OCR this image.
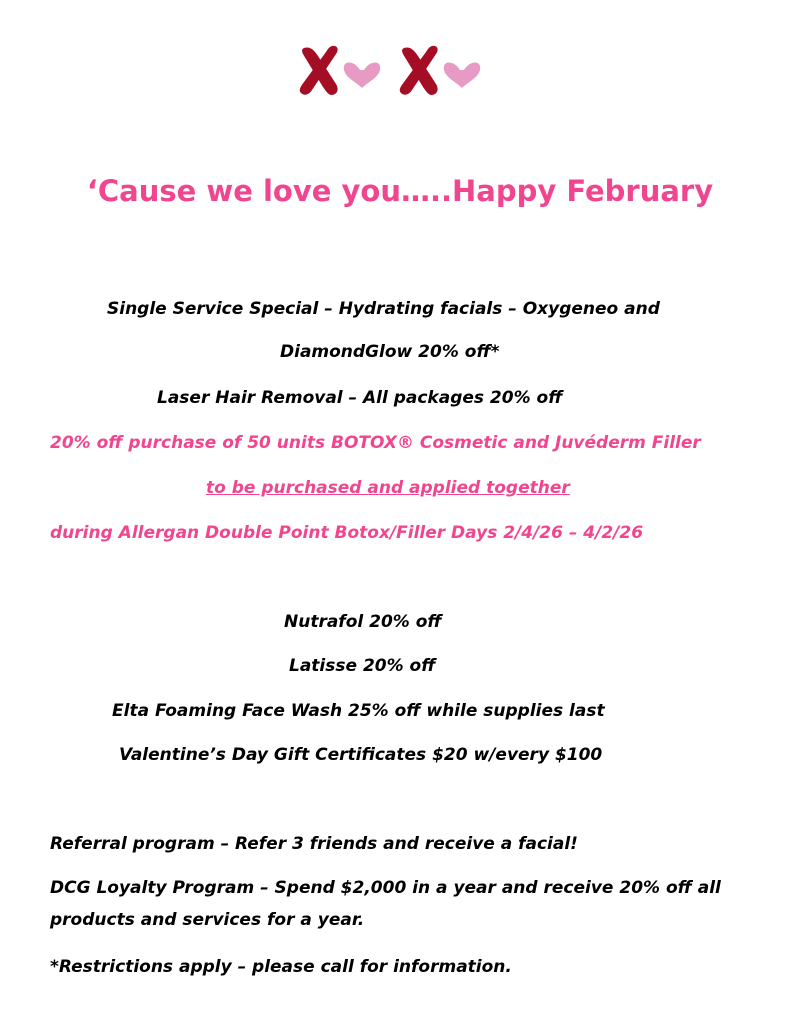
‘Cause we love you…..Happy February
Single Service Special – Hydrating facials – Oxygeneo and
DiamondGlow 20% off*
Laser Hair Removal – All packages 20% off
20% off purchase of 50 units BOTOX® Cosmetic and Juvéderm Filler
to be purchased and applied together
during Allergan Double Point Botox/Filler Days 2/4/26 – 4/2/26
Nutrafol 20% off
Latisse 20% off
Elta Foaming Face Wash 25% off while supplies last
Valentine’s Day Gift Certificates $20 w/every $100
Referral program – Refer 3 friends and receive a facial!
DCG Loyalty Program – Spend $2,000 in a year and receive 20% off all
products and services for a year.
*Restrictions apply – please call for information.
